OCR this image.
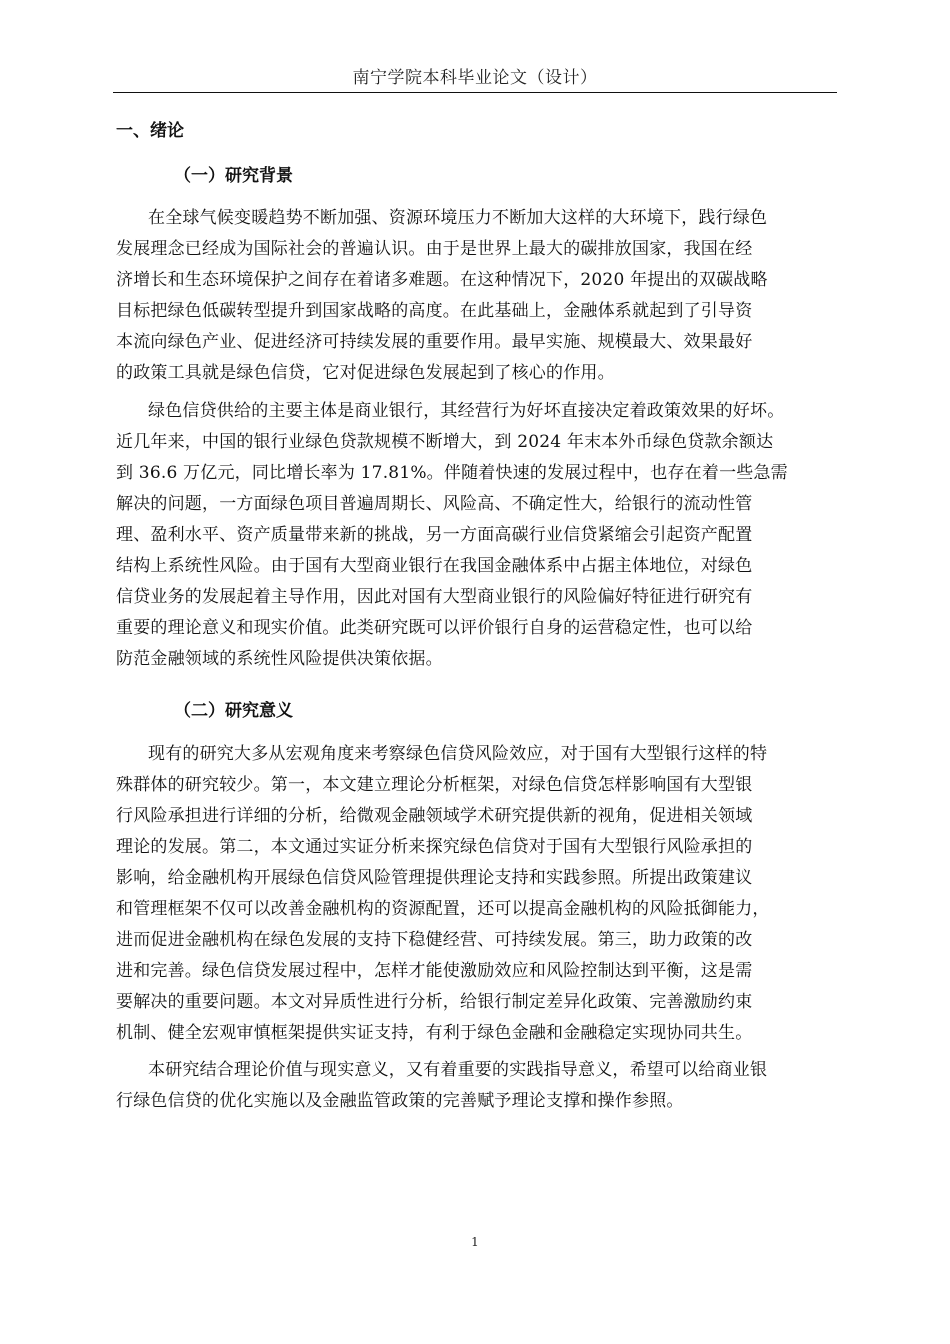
南宁学院本科毕业论文（设计）
一、绪论
（一）研究背景
在全球气候变暖趋势不断加强、资源环境压力不断加大这样的大环境下，践行绿色
发展理念已经成为国际社会的普遍认识。由于是世界上最大的碳排放国家，我国在经
济增长和生态环境保护之间存在着诸多难题。在这种情况下，2020 年提出的双碳战略
目标把绿色低碳转型提升到国家战略的高度。在此基础上，金融体系就起到了引导资
本流向绿色产业、促进经济可持续发展的重要作用。最早实施、规模最大、效果最好
的政策工具就是绿色信贷，它对促进绿色发展起到了核心的作用。
绿色信贷供给的主要主体是商业银行，其经营行为好坏直接决定着政策效果的好坏。
近几年来，中国的银行业绿色贷款规模不断增大，到 2024 年末本外币绿色贷款余额达
到 36.6 万亿元，同比增长率为 17.81%。伴随着快速的发展过程中，也存在着一些急需
解决的问题，一方面绿色项目普遍周期长、风险高、不确定性大，给银行的流动性管
理、盈利水平、资产质量带来新的挑战，另一方面高碳行业信贷紧缩会引起资产配置
结构上系统性风险。由于国有大型商业银行在我国金融体系中占据主体地位，对绿色
信贷业务的发展起着主导作用，因此对国有大型商业银行的风险偏好特征进行研究有
重要的理论意义和现实价值。此类研究既可以评价银行自身的运营稳定性，也可以给
防范金融领域的系统性风险提供决策依据。
（二）研究意义
现有的研究大多从宏观角度来考察绿色信贷风险效应，对于国有大型银行这样的特
殊群体的研究较少。第一，本文建立理论分析框架，对绿色信贷怎样影响国有大型银
行风险承担进行详细的分析，给微观金融领域学术研究提供新的视角，促进相关领域
理论的发展。第二，本文通过实证分析来探究绿色信贷对于国有大型银行风险承担的
影响，给金融机构开展绿色信贷风险管理提供理论支持和实践参照。所提出政策建议
和管理框架不仅可以改善金融机构的资源配置，还可以提高金融机构的风险抵御能力，
进而促进金融机构在绿色发展的支持下稳健经营、可持续发展。第三，助力政策的改
进和完善。绿色信贷发展过程中，怎样才能使激励效应和风险控制达到平衡，这是需
要解决的重要问题。本文对异质性进行分析，给银行制定差异化政策、完善激励约束
机制、健全宏观审慎框架提供实证支持，有利于绿色金融和金融稳定实现协同共生。
本研究结合理论价值与现实意义，又有着重要的实践指导意义，希望可以给商业银
行绿色信贷的优化实施以及金融监管政策的完善赋予理论支撑和操作参照。
1
